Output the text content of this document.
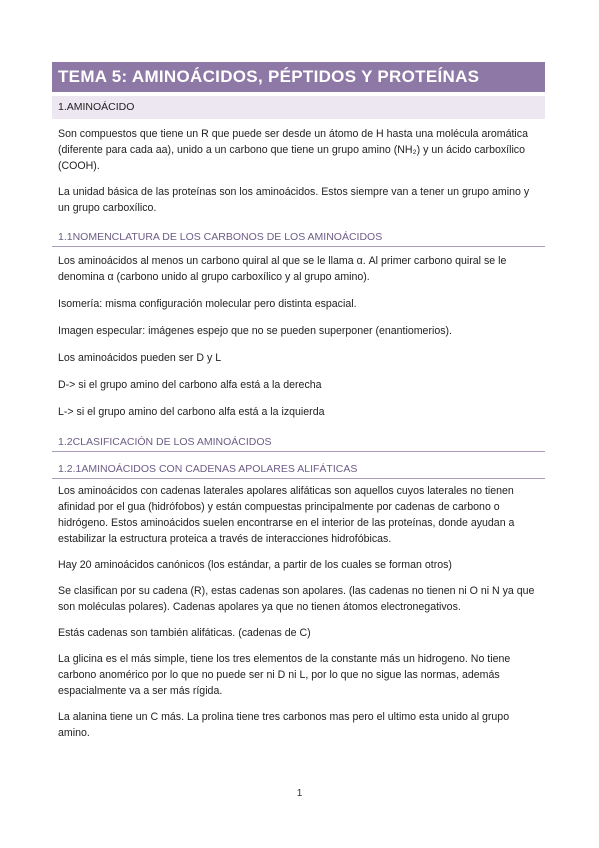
TEMA 5: AMINOÁCIDOS, PÉPTIDOS Y PROTEÍNAS
1.AMINOÁCIDO

Son compuestos que tiene un R que puede ser desde un átomo de H hasta una molécula aromática (diferente para cada aa), unido a un carbono que tiene un grupo amino (NH₂) y un ácido carboxílico (COOH).

La unidad básica de las proteínas son los aminoácidos. Estos siempre van a tener un grupo amino y un grupo carboxílico.

1.1NOMENCLATURA DE LOS CARBONOS DE LOS AMINOÁCIDOS

Los aminoácidos al menos un carbono quiral al que se le llama α. Al primer carbono quiral se le denomina α (carbono unido al grupo carboxílico y al grupo amino).

Isomería: misma configuración molecular pero distinta espacial.

Imagen especular: imágenes espejo que no se pueden superponer (enantiomerios).

Los aminoácidos pueden ser D y L

D-> si el grupo amino del carbono alfa está a la derecha

L-> si el grupo amino del carbono alfa está a la izquierda

1.2CLASIFICACIÓN DE LOS AMINOÁCIDOS
1.2.1AMINOÁCIDOS CON CADENAS APOLARES ALIFÁTICAS

Los aminoácidos con cadenas laterales apolares alifáticas son aquellos cuyos laterales no tienen afinidad por el gua (hidrófobos) y están compuestas principalmente por cadenas de carbono o hidrógeno. Estos aminoácidos suelen encontrarse en el interior de las proteínas, donde ayudan a estabilizar la estructura proteica a través de interacciones hidrofóbicas.

Hay 20 aminoácidos canónicos (los estándar, a partir de los cuales se forman otros)

Se clasifican por su cadena (R), estas cadenas son apolares. (las cadenas no tienen ni O ni N ya que son moléculas polares). Cadenas apolares ya que no tienen átomos electronegativos.

Estás cadenas son también alifáticas. (cadenas de C)

La glicina es el más simple, tiene los tres elementos de la constante más un hidrogeno. No tiene carbono anomérico por lo que no puede ser ni D ni L, por lo que no sigue las normas, además espacialmente va a ser más rígida.

La alanina tiene un C más. La prolina tiene tres carbonos mas pero el ultimo esta unido al grupo amino.

1
